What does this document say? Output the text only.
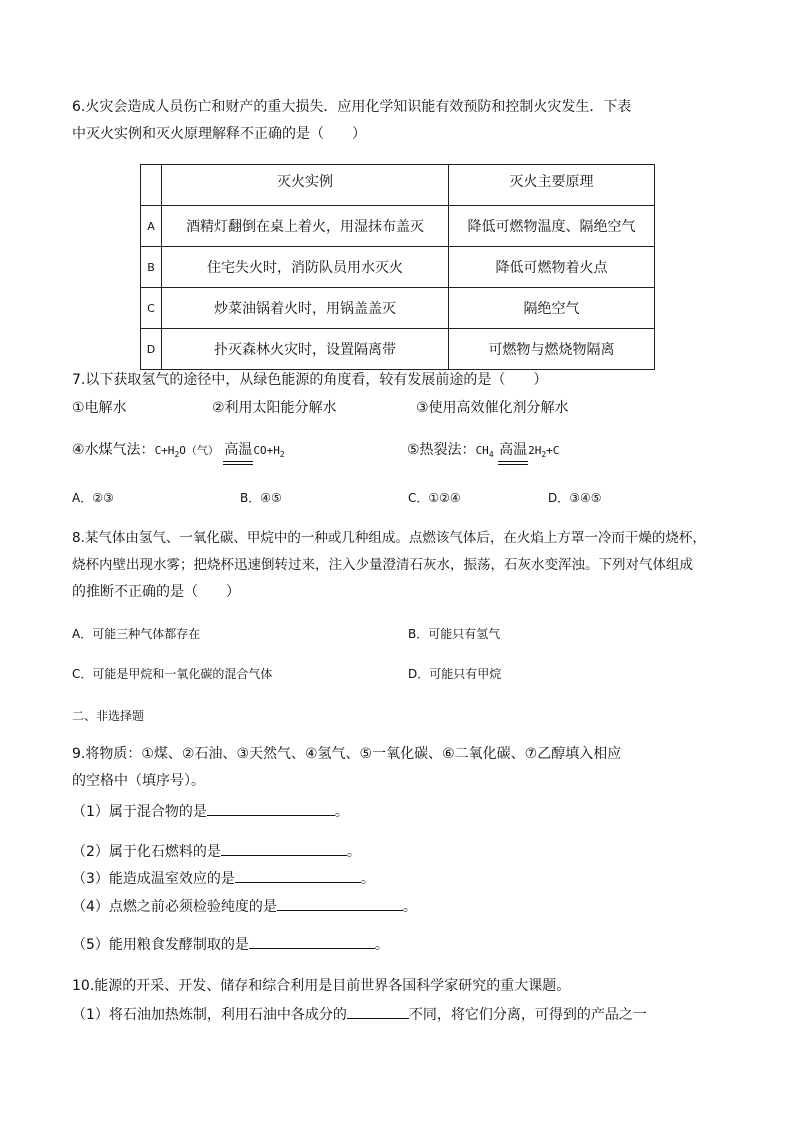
6.火灾会造成人员伤亡和财产的重大损失．应用化学知识能有效预防和控制火灾发生．下表
中灭火实例和灭火原理解释不正确的是（　　）
	灭火实例	灭火主要原理
A	酒精灯翻倒在桌上着火，用湿抹布盖灭	降低可燃物温度、隔绝空气
B	住宅失火时，消防队员用水灭火	降低可燃物着火点
C	炒菜油锅着火时，用锅盖盖灭	隔绝空气
D	扑灭森林火灾时，设置隔离带	可燃物与燃烧物隔离
7.以下获取氢气的途径中，从绿色能源的角度看，较有发展前途的是（　　）
①电解水	②利用太阳能分解水	③使用高效催化剂分解水
④水煤气法：$C+H_2O$（气） 高温
$CO+H_2$	⑤热裂法：$CH_4$ 高温
$2H_2+C$
A．②③	B．④⑤	C．①②④	D．③④⑤
8.某气体由氢气、一氧化碳、甲烷中的一种或几种组成。点燃该气体后，在火焰上方罩一冷而干燥的烧杯，
烧杯内壁出现水雾；把烧杯迅速倒转过来，注入少量澄清石灰水，振荡，石灰水变浑浊。下列对气体组成
的推断不正确的是（　　）
A．可能三种气体都存在	B．可能只有氢气
C．可能是甲烷和一氧化碳的混合气体	D．可能只有甲烷
二、非选择题
9.将物质：①煤、②石油、③天然气、④氢气、⑤一氧化碳、⑥二氧化碳、⑦乙醇填入相应
的空格中（填序号）。
（1）属于混合物的是	。
（2）属于化石燃料的是	。
（3）能造成温室效应的是	。
（4）点燃之前必须检验纯度的是	。
（5）能用粮食发酵制取的是	。
10.能源的开采、开发、储存和综合利用是目前世界各国科学家研究的重大课题。
（1）将石油加热炼制，利用石油中各成分的	不同，将它们分离，可得到的产品之一
